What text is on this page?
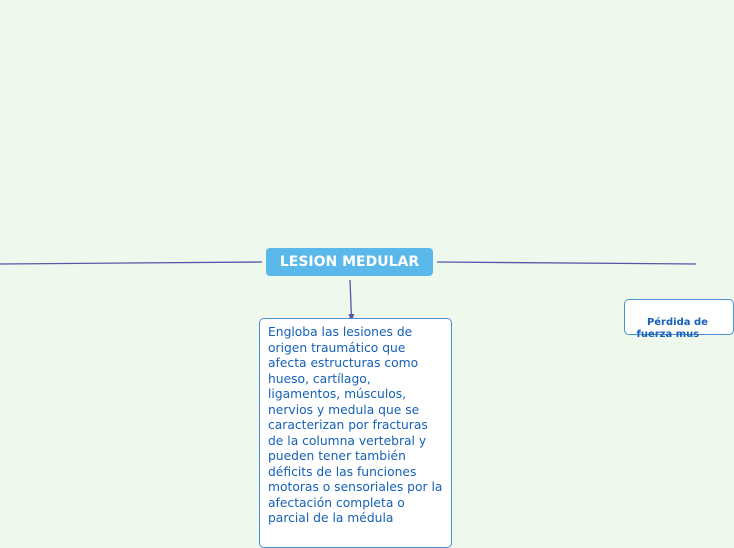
LESION MEDULAR
Engloba las lesiones de origen traumático que afecta estructuras como hueso, cartílago, ligamentos, músculos, nervios y medula que se caracterizan por fracturas de la columna vertebral y pueden tener también déficits de las funciones motoras o sensoriales por la afectación completa o parcial de la médula

Pérdida de
fuerza mus
